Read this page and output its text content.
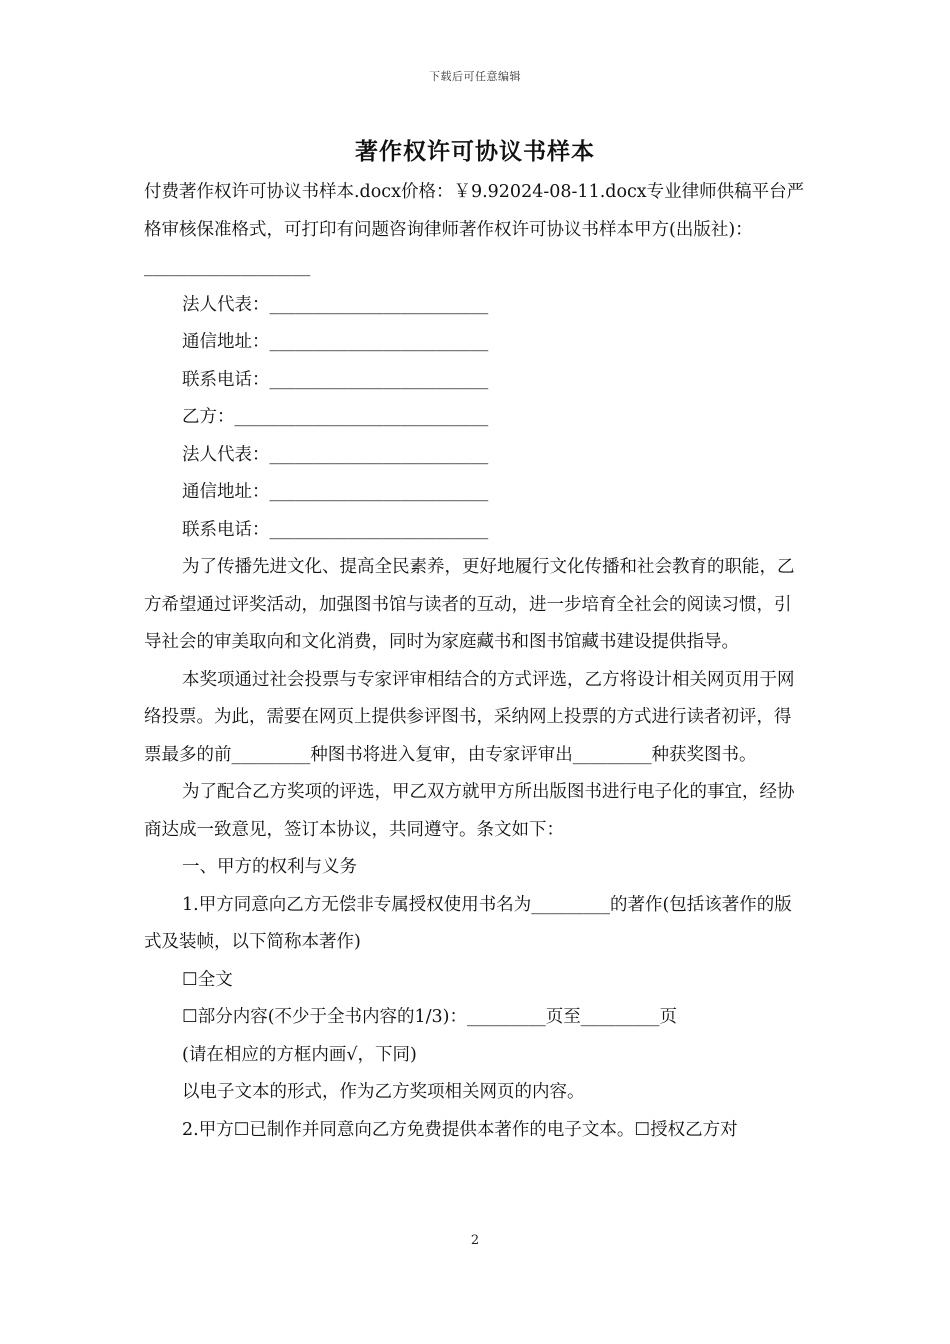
下载后可任意编辑
著作权许可协议书样本

付费著作权许可协议书样本.docx价格：￥9.92024-08-11.docx专业律师供稿平台严格审核保准格式，可打印有问题咨询律师著作权许可协议书样本甲方(出版社)：___________________

法人代表：_________________________

通信地址：_________________________

联系电话：_________________________

乙方：_____________________________

法人代表：_________________________

通信地址：_________________________

联系电话：_________________________

为了传播先进文化、提高全民素养，更好地履行文化传播和社会教育的职能，乙方希望通过评奖活动，加强图书馆与读者的互动，进一步培育全社会的阅读习惯，引导社会的审美取向和文化消费，同时为家庭藏书和图书馆藏书建设提供指导。

本奖项通过社会投票与专家评审相结合的方式评选，乙方将设计相关网页用于网络投票。为此，需要在网页上提供参评图书，采纳网上投票的方式进行读者初评，得票最多的前_________种图书将进入复审，由专家评审出_________种获奖图书。

为了配合乙方奖项的评选，甲乙双方就甲方所出版图书进行电子化的事宜，经协商达成一致意见，签订本协议，共同遵守。条文如下：

一、甲方的权利与义务

1.甲方同意向乙方无偿非专属授权使用书名为_________的著作(包括该著作的版式及装帧，以下简称本著作)

☐全文

☐部分内容(不少于全书内容的1/3)：_________页至_________页

(请在相应的方框内画√，下同)

以电子文本的形式，作为乙方奖项相关网页的内容。

2.甲方☐已制作并同意向乙方免费提供本著作的电子文本。☐授权乙方对

2
